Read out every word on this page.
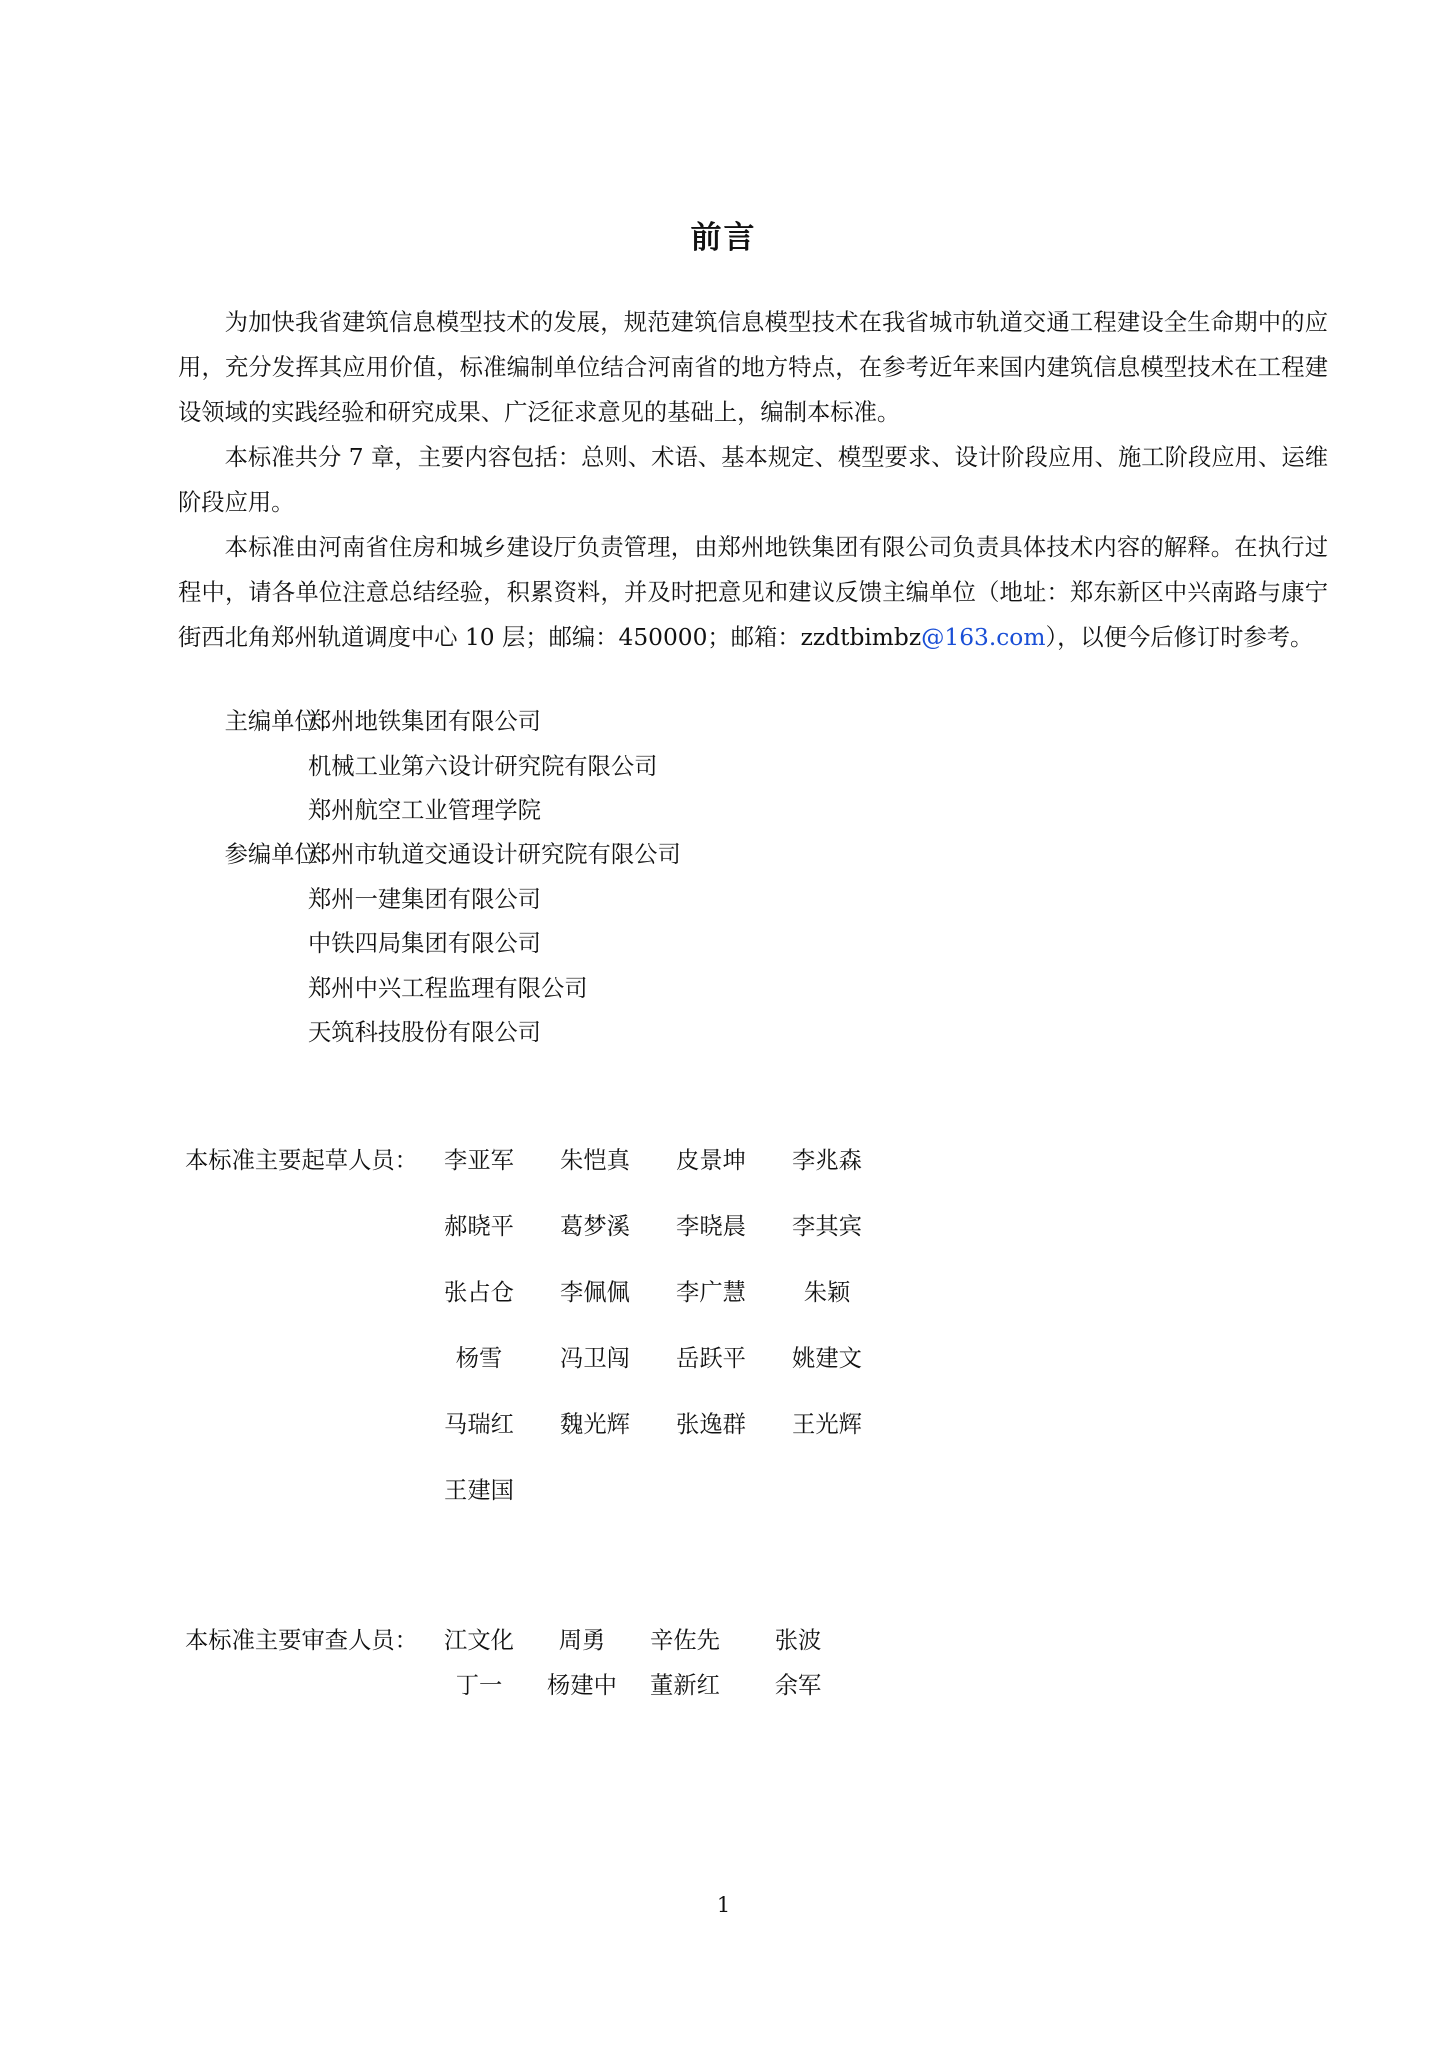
前言

为加快我省建筑信息模型技术的发展，规范建筑信息模型技术在我省城市轨道交通工程建设全生命期中的应用，充分发挥其应用价值，标准编制单位结合河南省的地方特点，在参考近年来国内建筑信息模型技术在工程建设领域的实践经验和研究成果、广泛征求意见的基础上，编制本标准。

本标准共分 7 章，主要内容包括：总则、术语、基本规定、模型要求、设计阶段应用、施工阶段应用、运维阶段应用。

本标准由河南省住房和城乡建设厅负责管理，由郑州地铁集团有限公司负责具体技术内容的解释。在执行过程中，请各单位注意总结经验，积累资料，并及时把意见和建议反馈主编单位（地址：郑东新区中兴南路与康宁街西北角郑州轨道调度中心 10 层；邮编：450000；邮箱：zzdtbimbz@163.com），以便今后修订时参考。

主编单位：
郑州地铁集团有限公司
机械工业第六设计研究院有限公司
郑州航空工业管理学院
参编单位：
郑州市轨道交通设计研究院有限公司
郑州一建集团有限公司
中铁四局集团有限公司
郑州中兴工程监理有限公司
天筑科技股份有限公司
本标准主要起草人员： 李亚军 朱恺真 皮景坤 李兆森
郝晓平 葛梦溪 李晓晨 李其宾
张占仓 李佩佩 李广慧 朱颖
杨雪 冯卫闯 岳跃平 姚建文
马瑞红 魏光辉 张逸群 王光辉
王建国
本标准主要审查人员： 江文化 周勇 辛佐先 张波
丁一 杨建中 董新红 余军
1
